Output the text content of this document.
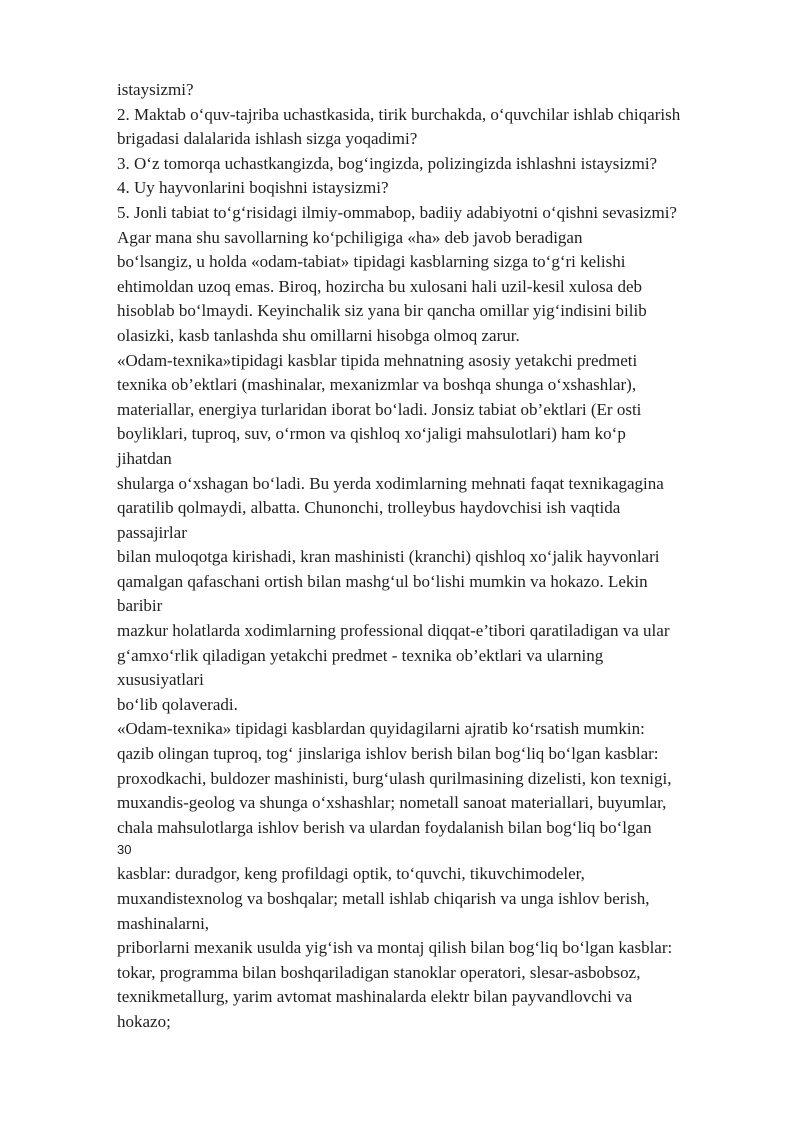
istaysizmi?
2. Maktab o‘quv-tajriba uchastkasida, tirik burchakda, o‘quvchilar ishlab chiqarish
brigadasi dalalarida ishlash sizga yoqadimi?
3. O‘z tomorqa uchastkangizda, bog‘ingizda, polizingizda ishlashni istaysizmi?
4. Uy hayvonlarini boqishni istaysizmi?
5. Jonli tabiat to‘g‘risidagi ilmiy-ommabop, badiiy adabiyotni o‘qishni sevasizmi?
Agar mana shu savollarning ko‘pchiligiga «ha» deb javob beradigan
bo‘lsangiz, u holda «odam-tabiat» tipidagi kasblarning sizga to‘g‘ri kelishi
ehtimoldan uzoq emas. Biroq, hozircha bu xulosani hali uzil-kesil xulosa deb
hisoblab bo‘lmaydi. Keyinchalik siz yana bir qancha omillar yig‘indisini bilib
olasizki, kasb tanlashda shu omillarni hisobga olmoq zarur.
«Odam-texnika»tipidagi kasblar tipida mehnatning asosiy yetakchi predmeti
texnika ob’ektlari (mashinalar, mexanizmlar va boshqa shunga o‘xshashlar),
materiallar, energiya turlaridan iborat bo‘ladi. Jonsiz tabiat ob’ektlari (Er osti
boyliklari, tuproq, suv, o‘rmon va qishloq xo‘jaligi mahsulotlari) ham ko‘p
jihatdan
shularga o‘xshagan bo‘ladi. Bu yerda xodimlarning mehnati faqat texnikagagina
qaratilib qolmaydi, albatta. Chunonchi, trolleybus haydovchisi ish vaqtida
passajirlar
bilan muloqotga kirishadi, kran mashinisti (kranchi) qishloq xo‘jalik hayvonlari
qamalgan qafaschani ortish bilan mashg‘ul bo‘lishi mumkin va hokazo. Lekin
baribir
mazkur holatlarda xodimlarning professional diqqat-e’tibori qaratiladigan va ular
g‘amxo‘rlik qiladigan yetakchi predmet - texnika ob’ektlari va ularning
xususiyatlari
bo‘lib qolaveradi.
«Odam-texnika» tipidagi kasblardan quyidagilarni ajratib ko‘rsatish mumkin:
qazib olingan tuproq, tog‘ jinslariga ishlov berish bilan bog‘liq bo‘lgan kasblar:
proxodkachi, buldozer mashinisti, burg‘ulash qurilmasining dizelisti, kon texnigi,
muxandis-geolog va shunga o‘xshashlar; nometall sanoat materiallari, buyumlar,
chala mahsulotlarga ishlov berish va ulardan foydalanish bilan bog‘liq bo‘lgan
30
kasblar: duradgor, keng profildagi optik, to‘quvchi, tikuvchimodeler,
muxandistexnolog va boshqalar; metall ishlab chiqarish va unga ishlov berish,
mashinalarni,
priborlarni mexanik usulda yig‘ish va montaj qilish bilan bog‘liq bo‘lgan kasblar:
tokar, programma bilan boshqariladigan stanoklar operatori, slesar-asbobsoz,
texnikmetallurg, yarim avtomat mashinalarda elektr bilan payvandlovchi va
hokazo;
